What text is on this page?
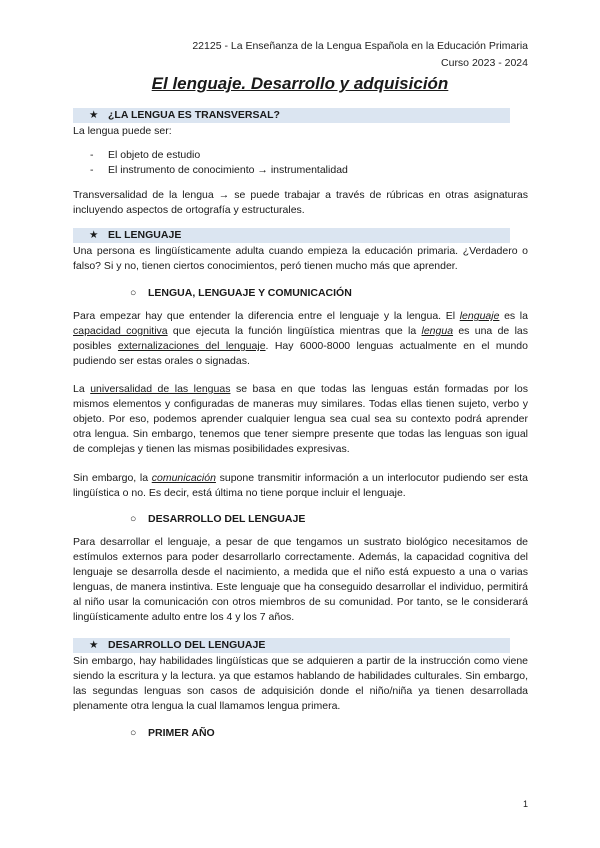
22125 - La Enseñanza de la Lengua Española en la Educación Primaria
Curso 2023 - 2024
El lenguaje. Desarrollo y adquisición
★ ¿LA LENGUA ES TRANSVERSAL?
La lengua puede ser:
- El objeto de estudio
- El instrumento de conocimiento → instrumentalidad
Transversalidad de la lengua → se puede trabajar a través de rúbricas en otras asignaturas incluyendo aspectos de ortografía y estructurales.
★ EL LENGUAJE
Una persona es lingüísticamente adulta cuando empieza la educación primaria. ¿Verdadero o falso? Si y no, tienen ciertos conocimientos, peró tienen mucho más que aprender.
○ LENGUA, LENGUAJE Y COMUNICACIÓN
Para empezar hay que entender la diferencia entre el lenguaje y la lengua. El lenguaje es la capacidad cognitiva que ejecuta la función lingüística mientras que la lengua es una de las posibles externalizaciones del lenguaje. Hay 6000-8000 lenguas actualmente en el mundo pudiendo ser estas orales o signadas.
La universalidad de las lenguas se basa en que todas las lenguas están formadas por los mismos elementos y configuradas de maneras muy similares. Todas ellas tienen sujeto, verbo y objeto. Por eso, podemos aprender cualquier lengua sea cual sea su contexto podrá aprender otra lengua. Sin embargo, tenemos que tener siempre presente que todas las lenguas son igual de complejas y tienen las mismas posibilidades expresivas.
Sin embargo, la comunicación supone transmitir información a un interlocutor pudiendo ser esta lingüística o no. Es decir, está última no tiene porque incluir el lenguaje.
○ DESARROLLO DEL LENGUAJE
Para desarrollar el lenguaje, a pesar de que tengamos un sustrato biológico necesitamos de estímulos externos para poder desarrollarlo correctamente. Además, la capacidad cognitiva del lenguaje se desarrolla desde el nacimiento, a medida que el niño está expuesto a una o varias lenguas, de manera instintiva. Este lenguaje que ha conseguido desarrollar el individuo, permitirá al niño usar la comunicación con otros miembros de su comunidad. Por tanto, se le considerará lingüísticamente adulto entre los 4 y los 7 años.
★ DESARROLLO DEL LENGUAJE
Sin embargo, hay habilidades lingüísticas que se adquieren a partir de la instrucción como viene siendo la escritura y la lectura. ya que estamos hablando de habilidades culturales. Sin embargo, las segundas lenguas son casos de adquisición donde el niño/niña ya tienen desarrollada plenamente otra lengua la cual llamamos lengua primera.
○ PRIMER AÑO
1
